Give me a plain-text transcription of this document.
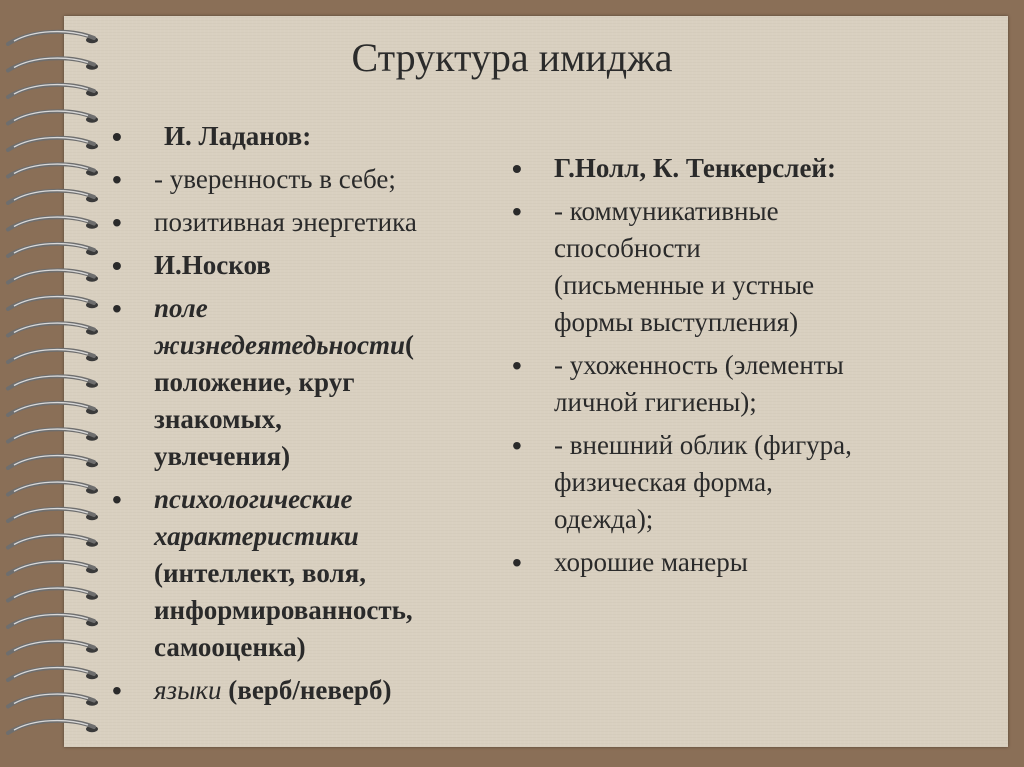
Структура имиджа
• И. Ладанов:
• - уверенность в себе;
• позитивная энергетика
• И.Носков
• поле
жизнедеятедьности(
положение, круг
знакомых,
увлечения)
• психологические
характеристики
(интеллект, воля,
информированность,
самооценка)
• языки (верб/неверб)
• Г.Нолл, К. Тенкерслей:
• - коммуникативные
способности
(письменные и устные
формы выступления)
• - ухоженность (элементы
личной гигиены);
• - внешний облик (фигура,
физическая форма,
одежда);
• хорошие манеры
